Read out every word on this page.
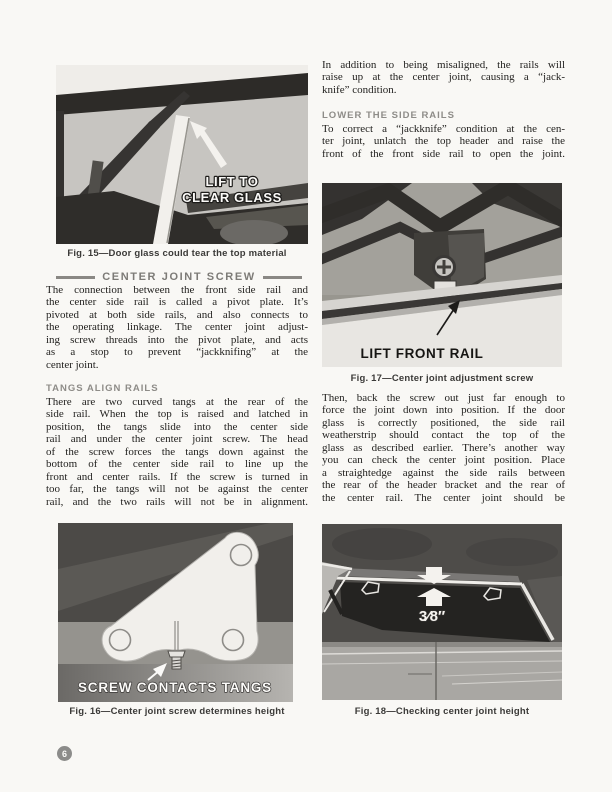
LIFT TO
CLEAR GLASS
Fig. 15—Door glass could tear the top material
CENTER JOINT SCREW
The connection between the front side rail and
the center side rail is called a pivot plate. It’s
pivoted at both side rails, and also connects to
the operating linkage. The center joint adjust-
ing screw threads into the pivot plate, and acts
as a stop to prevent “jackknifing” at the
center joint.
TANGS ALIGN RAILS
There are two curved tangs at the rear of the
side rail. When the top is raised and latched in
position, the tangs slide into the center side
rail and under the center joint screw. The head
of the screw forces the tangs down against the
bottom of the center side rail to line up the
front and center rails. If the screw is turned in
too far, the tangs will not be against the center
rail, and the two rails will not be in alignment.
SCREW CONTACTS TANGS
Fig. 16—Center joint screw determines height
In addition to being misaligned, the rails will
raise up at the center joint, causing a “jack-
knife” condition.
LOWER THE SIDE RAILS
To correct a “jackknife” condition at the cen-
ter joint, unlatch the top header and raise the
front of the front side rail to open the joint.
LIFT FRONT RAIL
Fig. 17—Center joint adjustment screw
Then, back the screw out just far enough to
force the joint down into position. If the door
glass is correctly positioned, the side rail
weatherstrip should contact the top of the
glass as described earlier. There’s another way
you can check the center joint position. Place
a straightedge against the side rails between
the rear of the header bracket and the rear of
the center rail. The center joint should be
3⁄8″
Fig. 18—Checking center joint height
6
